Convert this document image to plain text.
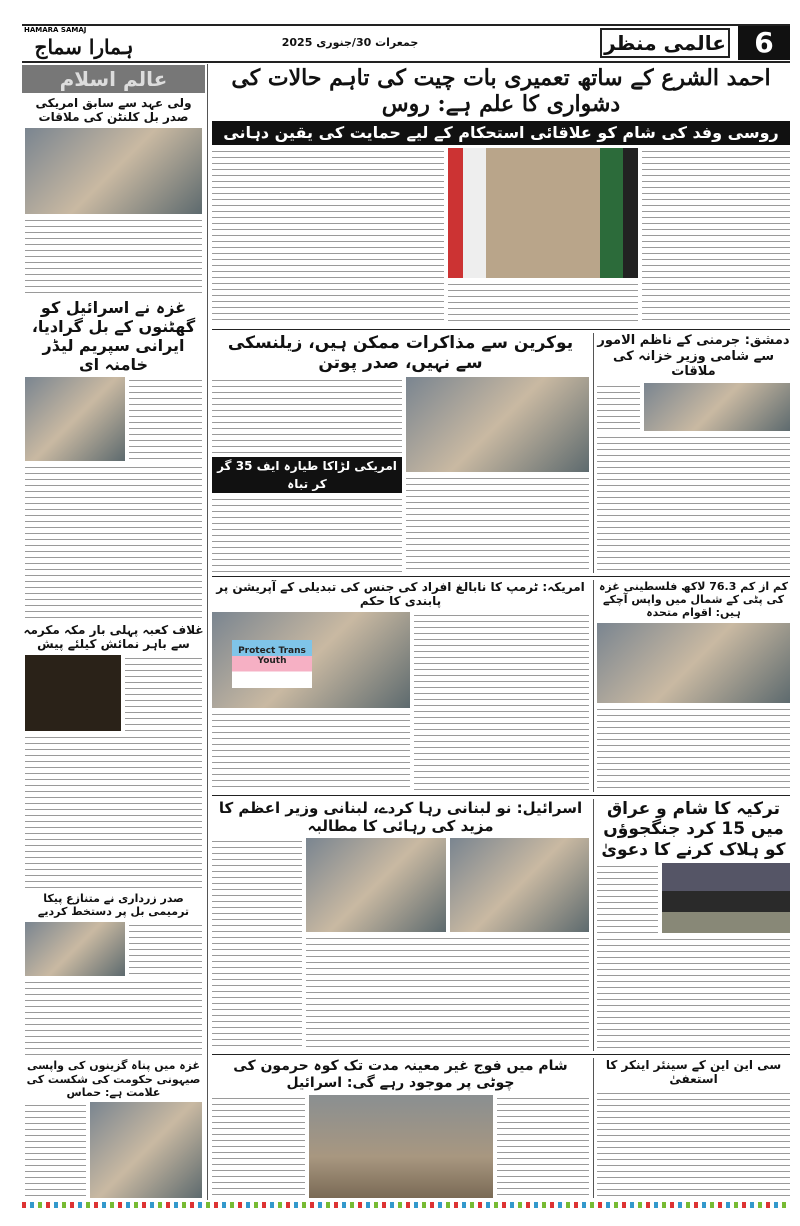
HAMARA SAMAJ
ہمارا سماج	جمعرات 30/جنوری 2025	عالمی منظر	6
عالم اسلام
ولی عہد سے سابق امریکی صدر بل کلنٹن کی ملاقات
غزہ نے اسرائیل کو گھٹنوں کے بل گرادیا، ایرانی سپریم لیڈر خامنہ ای
غلاف کعبہ پہلی بار مکہ مکرمہ سے باہر نمائش کیلئے پیش
صدر زرداری نے متنازع پیکا ترمیمی بل پر دستخط کردیے
غزہ میں پناہ گزینوں کی واپسی صیہونی حکومت کی شکست کی علامت ہے: حماس
احمد الشرع کے ساتھ تعمیری بات چیت کی تاہم حالات کی دشواری کا علم ہے: روس
روسی وفد کی شام کو علاقائی استحکام کے لیے حمایت کی یقین دہانی
یوکرین سے مذاکرات ممکن ہیں، زیلنسکی سے نہیں، صدر پوتن
امریکی لڑاکا طیارہ ایف 35 گر کر تباہ
دمشق: جرمنی کے ناظم الامور سے شامی وزیر خزانہ کی ملاقات
امریکہ: ٹرمپ کا نابالغ افراد کی جنس کی تبدیلی کے آپریشن پر پابندی کا حکم
Protect Trans Youth
کم از کم 76.3 لاکھ فلسطینی غزہ کی پٹی کے شمال میں واپس آچکے ہیں: اقوام متحدہ
اسرائیل: نو لبنانی رہا کردے، لبنانی وزیر اعظم کا مزید کی رہائی کا مطالبہ
ترکیہ کا شام و عراق میں 15 کرد جنگجوؤں کو ہلاک کرنے کا دعویٰ
شام میں فوج غیر معینہ مدت تک کوہ حرمون کی چوٹی پر موجود رہے گی: اسرائیل
سی این این کے سینئر اینکر کا استعفیٰ
